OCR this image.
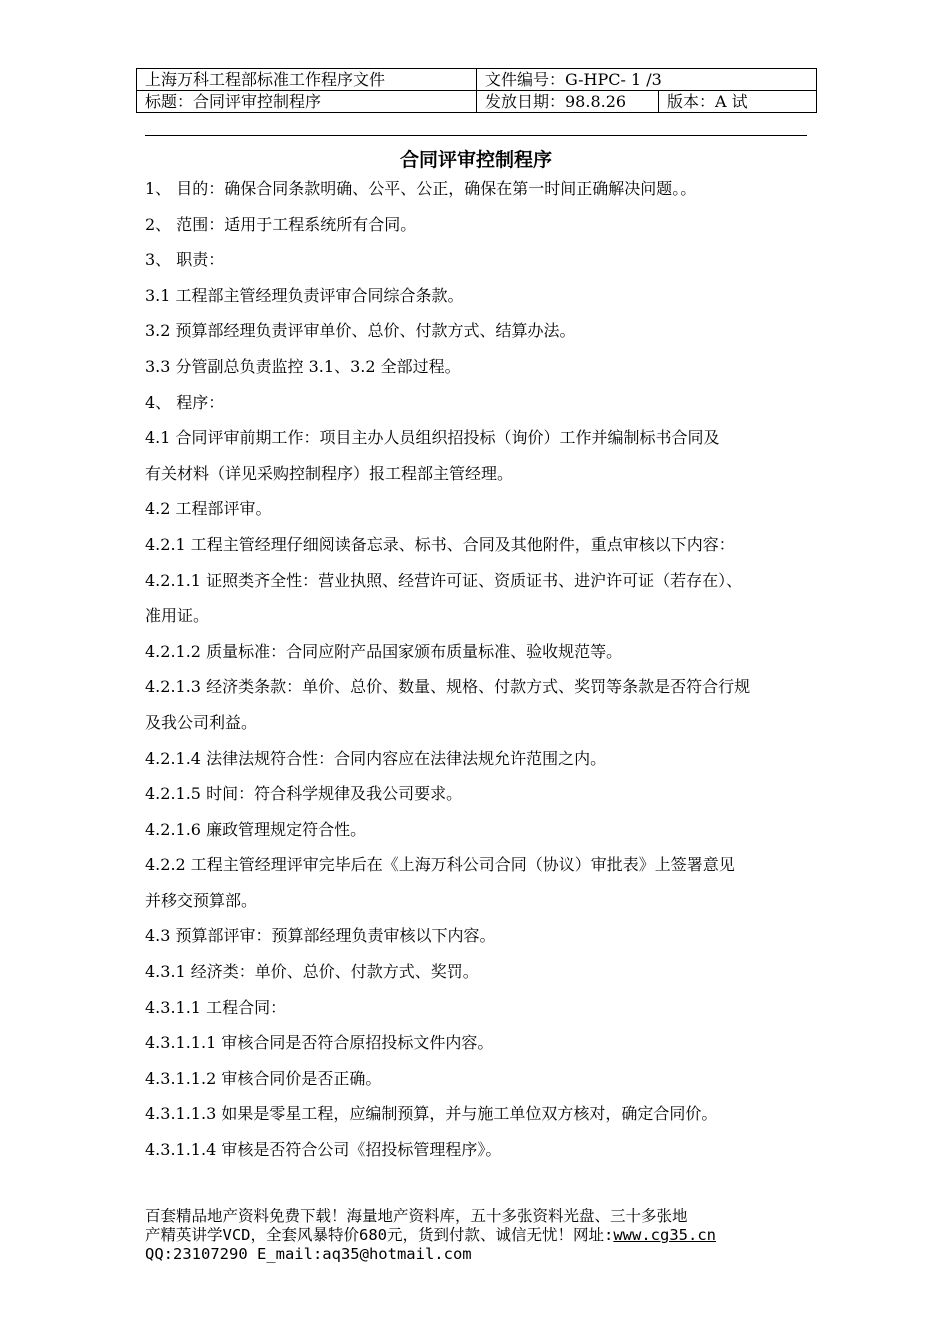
上海万科工程部标准工作程序文件	文件编号：G-HPC- 1 /3	
标题：合同评审控制程序	发放日期：98.8.26	版本：A 试
合同评审控制程序

1、 目的：确保合同条款明确、公平、公正，确保在第一时间正确解决问题。。

2、 范围：适用于工程系统所有合同。

3、 职责：

3.1 工程部主管经理负责评审合同综合条款。

3.2 预算部经理负责评审单价、总价、付款方式、结算办法。

3.3 分管副总负责监控 3.1、3.2 全部过程。

4、 程序：

4.1 合同评审前期工作：项目主办人员组织招投标（询价）工作并编制标书合同及

有关材料（详见采购控制程序）报工程部主管经理。

4.2 工程部评审。

4.2.1 工程主管经理仔细阅读备忘录、标书、合同及其他附件，重点审核以下内容：

4.2.1.1 证照类齐全性：营业执照、经营许可证、资质证书、进沪许可证（若存在）、

准用证。

4.2.1.2 质量标准：合同应附产品国家颁布质量标准、验收规范等。

4.2.1.3 经济类条款：单价、总价、数量、规格、付款方式、奖罚等条款是否符合行规

及我公司利益。

4.2.1.4 法律法规符合性：合同内容应在法律法规允许范围之内。

4.2.1.5 时间：符合科学规律及我公司要求。

4.2.1.6 廉政管理规定符合性。

4.2.2 工程主管经理评审完毕后在《上海万科公司合同（协议）审批表》上签署意见

并移交预算部。

4.3 预算部评审：预算部经理负责审核以下内容。

4.3.1 经济类：单价、总价、付款方式、奖罚。

4.3.1.1 工程合同：

4.3.1.1.1 审核合同是否符合原招投标文件内容。

4.3.1.1.2 审核合同价是否正确。

4.3.1.1.3 如果是零星工程，应编制预算，并与施工单位双方核对，确定合同价。

4.3.1.1.4 审核是否符合公司《招投标管理程序》。

百套精品地产资料免费下载！海量地产资料库，五十多张资料光盘、三十多张地

产精英讲学VCD，全套风暴特价680元，货到付款、诚信无忧！网址:www.cg35.cn

QQ:23107290 E_mail:aq35@hotmail.com
